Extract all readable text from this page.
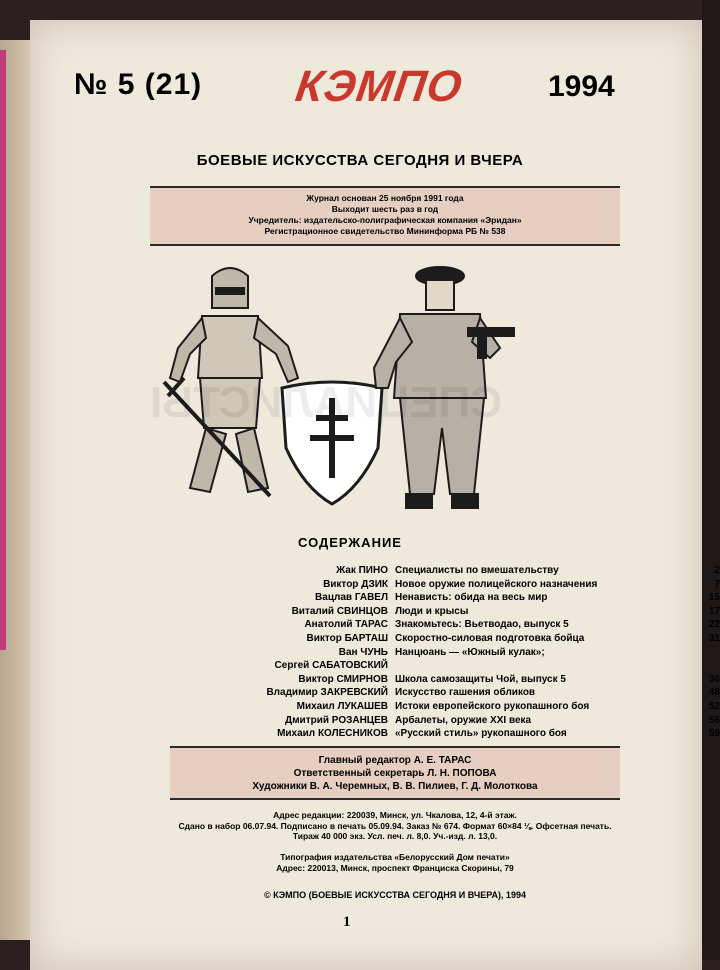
№ 5 (21) КЭМПО	1994
БОЕВЫЕ ИСКУССТВА СЕГОДНЯ И ВЧЕРА
Журнал основан 25 ноября 1991 года
Выходит шесть раз в год
Учредитель: издательско-полиграфическая компания «Эридан»
Регистрационное свидетельство Мининформа РБ № 538
СПЕЦИАЛИСТЫ
СОДЕРЖАНИЕ
Жак ПИНО Специалисты по вмешательству	2
Виктор ДЗИК Новое оружие полицейского назначения	7
Вацлав ГАВЕЛ Ненависть: обида на весь мир	15
Виталий СВИНЦОВ Люди и крысы	17
Анатолий ТАРАС Знакомьтесь: Вьетводао, выпуск 5	22
Виктор БАРТАШ Скоростно-силовая подготовка бойца	31
Ван ЧУНЬ Нанцюань — «Южный кулак»;
Сергей САБАТОВСКИЙ
Виктор СМИРНОВ Школа самозащиты Чой, выпуск 5	36
Владимир ЗАКРЕВСКИЙ Искусство гашения обликов	48
Михаил ЛУКАШЕВ Истоки европейского рукопашного боя	52
Дмитрий РОЗАНЦЕВ Арбалеты, оружие XXI века	56
Михаил КОЛЕСНИКОВ «Русский стиль» рукопашного боя	59
Главный редактор А. Е. ТАРАС
Ответственный секретарь Л. Н. ПОПОВА
Художники В. А. Черемных, В. В. Пилиев, Г. Д. Молоткова
Адрес редакции: 220039, Минск, ул. Чкалова, 12, 4-й этаж.
Сдано в набор 06.07.94. Подписано в печать 05.09.94. Заказ № 674. Формат 60×84 ⅛. Офсетная печать.
Тираж 40 000 экз. Усл. печ. л. 8,0. Уч.-изд. л. 13,0.
Типография издательства «Белорусский Дом печати»
Адрес: 220013, Минск, проспект Франциска Скорины, 79
© КЭМПО (БОЕВЫЕ ИСКУССТВА СЕГОДНЯ И ВЧЕРА), 1994
1
